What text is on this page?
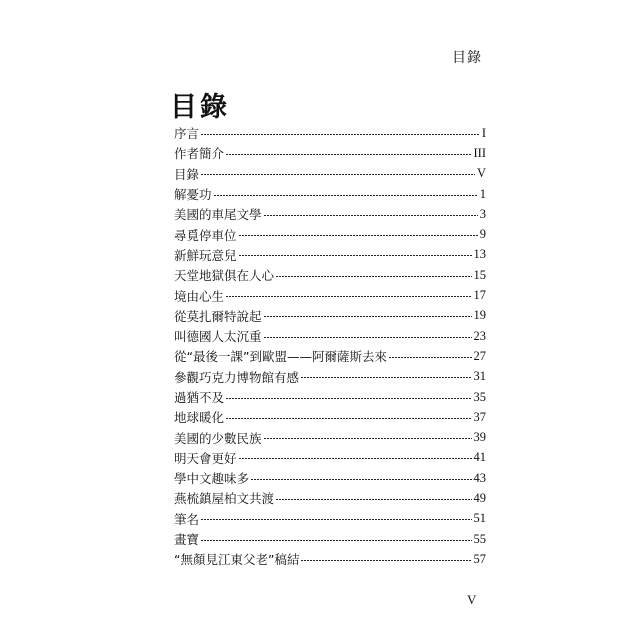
目錄
目錄
序言	I
作者簡介	III
目錄	V
解憂功	1
美國的車尾文學	3
尋覓停車位	9
新鮮玩意兒	13
天堂地獄俱在人心	15
境由心生	17
從莫扎爾特說起	19
叫德國人太沉重	23
從“最後一課”到歐盟——阿爾薩斯去來	27
參觀巧克力博物館有感	31
過猶不及	35
地球暖化	37
美國的少數民族	39
明天會更好	41
學中文趣味多	43
燕梳鎮屋柏文共渡	49
筆名	51
畫寶	55
“無顏見江東父老”稿結	57
V
